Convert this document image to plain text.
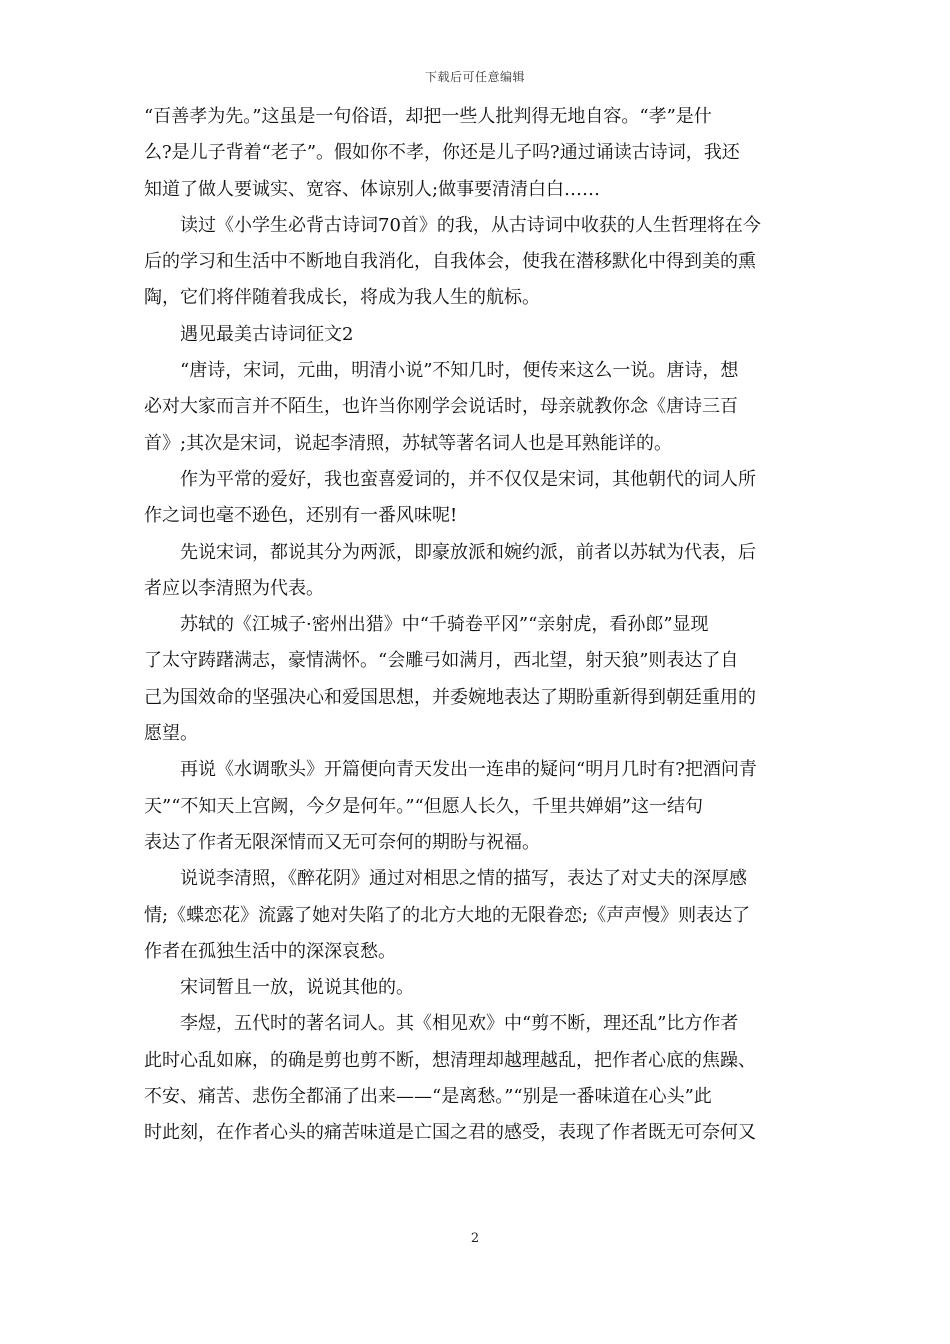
下载后可任意编辑

“百善孝为先。”这虽是一句俗语，却把一些人批判得无地自容。“孝”是什
么?是儿子背着“老子”。假如你不孝，你还是儿子吗?通过诵读古诗词，我还
知道了做人要诚实、宽容、体谅别人;做事要清清白白……

读过《小学生必背古诗词70首》的我，从古诗词中收获的人生哲理将在今
后的学习和生活中不断地自我消化，自我体会，使我在潜移默化中得到美的熏
陶，它们将伴随着我成长，将成为我人生的航标。

遇见最美古诗词征文2

“唐诗，宋词，元曲，明清小说”不知几时，便传来这么一说。唐诗，想
必对大家而言并不陌生，也许当你刚学会说话时，母亲就教你念《唐诗三百
首》;其次是宋词，说起李清照，苏轼等著名词人也是耳熟能详的。

作为平常的爱好，我也蛮喜爱词的，并不仅仅是宋词，其他朝代的词人所
作之词也毫不逊色，还别有一番风味呢!

先说宋词，都说其分为两派，即豪放派和婉约派，前者以苏轼为代表，后
者应以李清照为代表。

苏轼的《江城子·密州出猎》中“千骑卷平冈”“亲射虎，看孙郎”显现
了太守踌躇满志，豪情满怀。“会雕弓如满月，西北望，射天狼”则表达了自
己为国效命的坚强决心和爱国思想，并委婉地表达了期盼重新得到朝廷重用的
愿望。

再说《水调歌头》开篇便向青天发出一连串的疑问“明月几时有?把酒问青
天”“不知天上宫阙，今夕是何年。”“但愿人长久，千里共婵娟”这一结句
表达了作者无限深情而又无可奈何的期盼与祝福。

说说李清照，《醉花阴》通过对相思之情的描写，表达了对丈夫的深厚感
情;《蝶恋花》流露了她对失陷了的北方大地的无限眷恋;《声声慢》则表达了
作者在孤独生活中的深深哀愁。

宋词暂且一放，说说其他的。

李煜，五代时的著名词人。其《相见欢》中“剪不断，理还乱”比方作者
此时心乱如麻，的确是剪也剪不断，想清理却越理越乱，把作者心底的焦躁、
不安、痛苦、悲伤全都涌了出来——“是离愁。”“别是一番味道在心头”此
时此刻，在作者心头的痛苦味道是亡国之君的感受，表现了作者既无可奈何又

2
